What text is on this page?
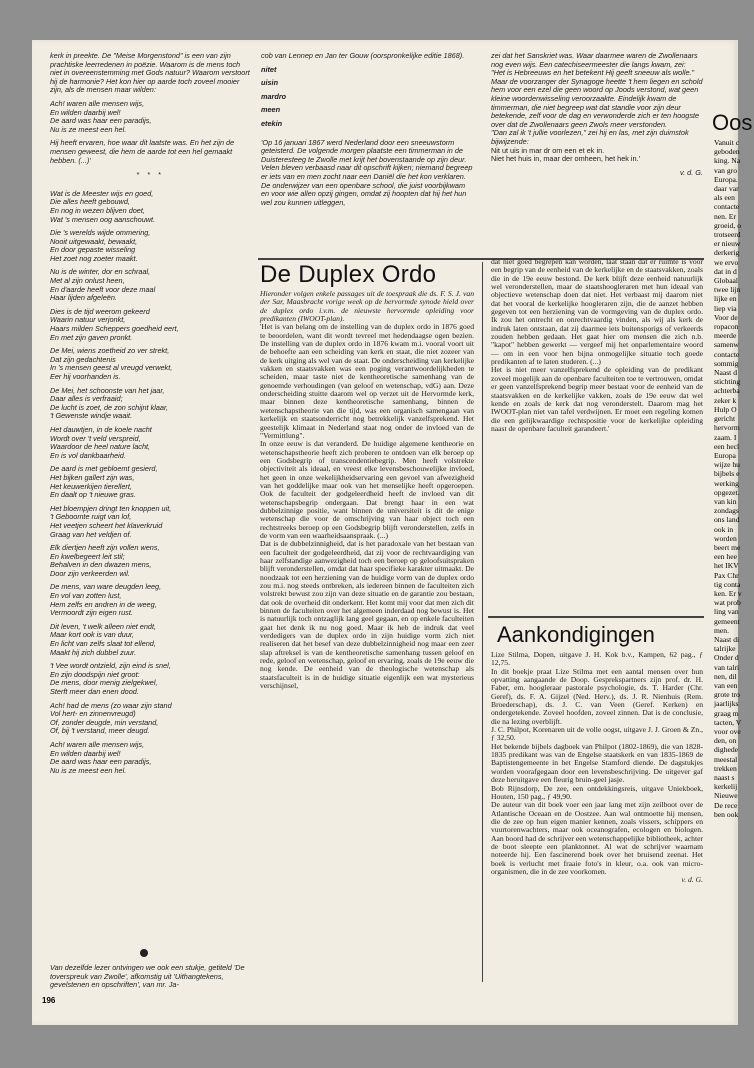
kerk in preekte. De "Meise Morgenstond" is een van zijn prachtiske leerredenen in poëzie. Waarom is de mens toch niet in overeenstemming met Gods natuur? Waarom verstoort hij de harmonie? Het kon hier op aarde toch zoveel mooier zijn, als de mensen maar wilden:

Ach! waren alle mensen wijs,
En wilden daarbij wel!
De aard was haar een paradijs,
Nu is ze meest een hel.

Hij heeft ervaren, hoe waar dit laatste was. En het zijn de mensen geweest, die hem de aarde tot een hel gemaakt hebben. (...)'

* * *

Wat is de Meester wijs en goed,
Die alles heeft gebouwd,
En nog in wezen blijven doet,
Wat 's mensen oog aanschouwt.

Die 's werelds wijde ommering,
Nooit uitgewaakt, bewaakt,
En door gepaste wisseling
Het zoet nog zoeter maakt.

Nu is de winter, dor en schraal,
Met al zijn onlust heen,
En d'aarde heeft voor deze maal
Haar lijden afgeleën.

Dies is de tijd weerom gekeerd
Waarin natuur verjonkt,
Haars milden Scheppers goedheid eert,
En met zijn gaven pronkt.

De Mei, wiens zoetheid zo ver strekt,
Dat zijn gedachtenis
In 's mensen geest al vreugd verwekt,
Eer hij voorhanden is.

De Mei, het schoonste van het jaar,
Daar alles is verfraaid;
De lucht is zoet, de zon schijnt klaar,
't Gewenste windje waait.

Het dauwtjen, in de koele nacht
Wordt over 't veld verspreid,
Waardoor de heel nature lacht,
En is vol dankbaarheid.

De aard is met gebloemt gesierd,
Het bijken gallert zijn was,
Het keuwerkijen tierellert,
En daalt op 't nieuwe gras.

Het bloempjen dringt ten knoppen uit,
't Geboomte ruigt van lof,
Het veetjen scheert het klaverkruid
Graag van het veldjen of.

Elk diertjen heeft zijn vollen wens,
En kwelbegeert leit stil;
Behalven in den dwazen mens,
Door zijn verkeerden wil.

De mens, van ware deugden leeg,
En vol van zotten lust,
Hem zelfs en andren in de weeg,
Vermoordt zijn eigen rust.

Dit leven, 't welk alleen niet endt,
Maar kort ook is van duur,
En licht van zelfs slaat tot ellend,
Maakt hij zich dubbel zuur.

't Vee wordt ontzield, zijn eind is snel,
En zijn doodspijn niet groot:
De mens, door menig zielgekwel,
Sterft meer dan enen dood.

Ach! had de mens (zo waar zijn stand
Vol hert- en zinnenvreugd)
Of, zonder deugde, min verstand,
Of, bij 't verstand, meer deugd.

Ach! waren alle mensen wijs,
En wilden daarbij wel!
De aard was haar een paradijs,
Nu is ze meest een hel.

Van dezelfde lezer ontvingen we ook een stukje, getiteld 'De toverspreuk van Zwolle', afkomstig uit 'Uithangtekens, gevelstenen en opschriften', van mr. Ja-

cob van Lennep en Jan ter Gouw (oorspronkelijke editie 1868).

nitet

uisin

mardro

meen

etekin

'Op 16 januari 1867 werd Nederland door een sneeuwstorm geteisterd. De volgende morgen plaatste een timmerman in de Duisteresteeg te Zwolle met krijt het bovenstaande op zijn deur.

Velen bleven verbaasd naar dit opschrift kijken; niemand begreep er iets van en men zocht naar een Daniël die het kon verklaren.

De onderwijzer van een openbare school, die juist voorbijkwam en voor wie allen opzij gingen, omdat zij hoopten dat hij het hun wel zou kunnen uitleggen,

zei dat het Sanskriet was. Waar daarmee waren de Zwollenaars nog even wijs. Een catechiseermeester die langs kwam, zei:

"Het is Hebreeuws en het betekent Hij geeft sneeuw als wolle."

Maar de voorzanger der Synagoge heette 't hem liegen en schold hem voor een ezel die geen woord op Joods verstond, wat geen kleine woordenwisseling veroorzaakte. Eindelijk kwam de timmerman, die niet begreep wat dat standie voor zijn deur betekende, zelf voor de dag en verwonderde zich er ten hoogste over dat de Zwollenaars geen Zwols meer verstonden.

"Dan zal ik 't jullie voorlezen," zei hij en las, met zijn duimstok bijwijzende:

Nit ut uis in mar dr om een et ek in.

Niet het huis in, maar der omheen, het hek in.'

v. d. G.

De Duplex Ordo

Hieronder volgen enkele passages uit de toespraak die ds. F. S. J. van der Sar, Maasbracht vorige week op de hervormde synode hield over de duplex ordo i.v.m. de nieuwste hervormde opleiding voor predikanten (IWOOT-plan).

'Het is van belang om de instelling van de duplex ordo in 1876 goed te beoordelen, want dit wordt tevreel met hedendaagse ogen bezien. De instelling van de duplex ordo in 1876 kwam m.i. vooral voort uit de behoefte aan een scheiding van kerk en staat, die niet zozeer van de kerk uitging als wel van de staat. De onderscheiding van kerkelijke vakken en staatsvakken was een poging verantwoordelijkheden te scheiden, maar taste niet de kentheoretische samenhang van de genoemde verhoudingen (van geloof en wetenschap, vdG) aan. Deze onderscheiding stuitte daarom wel op verzet uit de Hervormde kerk, maar binnen deze kentheoretische samenhang, binnen de wetenschapstheorie van die tijd, was een organisch samengaan van kerkelijk en staatsonderricht nog betrekkelijk vanzelfsprekend. Het geestelijk klimaat in Nederland staat nog onder de invloed van de "Vermittlung".

In onze eeuw is dat veranderd. De huidige algemene kentheorie en wetenschapstheorie heeft zich proberen te ontdoen van elk beroep op een Godsbegrip of transcendentiebegrip. Men heeft volstrekte objectiviteit als ideaal, en vreest elke levensbeschouwelijke invloed, het geen in onze wekelijkheidservaring een gevoel van afwezigheid van het goddelijke maar ook van het menselijke heeft opgeroepen. Ook de faculteit der godgeleerdheid heeft de invloed van dit wetenschapsbegrip ondergaan. Dat brengt haar in een wat dubbelzinnige positie, want binnen de universiteit is dit de enige wetenschap die voor de omschrijving van haar object toch een rechtstreeks beroep op een Godsbegrip blijft veronderstellen, zelfs in de vorm van een waarheidsaanspraak. (...)

Dat is de dubbelzinnigheid, dat is het paradoxale van het bestaan van een faculteit der godgeleerdheid, dat zij voor de rechtvaardiging van haar zelfstandige aanwezigheid toch een beroep op geloofsuitspraken blijft veronderstellen, omdat dat haar specifieke karakter uitmaakt. De noodzaak tot een herziening van de huidige vorm van de duplex ordo zou m.i. nog steeds ontbreken, als iedereen binnen de faculteiten zich volstrekt bewust zou zijn van deze situatie en de garantie zou bestaan, dat ook de overheid dit onderkent. Het komt mij voor dat men zich dit binnen de faculteiten over het algemeen inderdaad nog bewust is. Het is natuurlijk toch ontzaglijk lang geel gegaan, en op enkele faculteiten gaat het denk ik nu nog goed. Maar ik heb de indruk dat veel verdedigers van de duplex ordo in zijn huidige vorm zich niet realiseren dat het besef van deze dubbelzinnigheid nog maar een zeer slap aftreksel is van de kentheoretische samenhang tussen geloof en rede, geloof en wetenschap, geloof en ervaring, zoals de 19e eeuw die nog kende. De eenheid van de theologische wetenschap als staatsfaculteit is in de huidige situatie eigenlijk een wat mysterieus verschijnsel,

dat niet goed begrepen kan worden, laat staan dat er ruimte is voor een begrip van de eenheid van de kerkelijke en de staatsvakken, zoals die in de 19e eeuw bestond. De kerk blijft deze eenheid natuurlijk wel veronderstellen, maar de staatshoogleraren met hun ideaal van objectieve wetenschap doen dat niet. Het verbaast mij daarom niet dat het vooral de kerkelijke hoogleraren zijn, die de aanzet hebben gegeven tot een herziening van de vormgeving van de duplex ordo. Ik zou het ontrecht en onrechtvaardig vinden, als wij als kerk de indruk laten ontstaan, dat zij daarmee iets buitensporigs of verkeerds zouden hebben gedaan. Het gaat hier om mensen die zich n.b. "kapot" hebben gewerkt — vergeef mij het onparlementaire woord — om in een voor hen bijna onmogelijke situatie toch goede predikanten af te laten studeren. (...)

Het is niet meer vanzelfsprekend de opleiding van de predikant zoveel mogelijk aan de openbare faculteiten toe te vertrouwen, omdat er geen vanzelfsprekend begrip meer bestaat voor de eenheid van de staatsvakken en de kerkelijke vakken, zoals de 19e eeuw dat wel kende en zoals de kerk dat nog veronderstelt. Daarom mag het IWOOT-plan niet van tafel verdwijnen. Er moet een regeling komen die een gelijkwaardige rechtspositie voor de kerkelijke opleiding naast de openbare faculteit garandeert.'

Aankondigingen

Lize Stilma, Dopen, uitgave J. H. Kok b.v., Kampen, 62 pag., ƒ 12,75.

In dit boekje praat Lize Stilma met een aantal mensen over hun opvatting aangaande de Doop. Gesprekspartners zijn prof. dr. H. Faber, em. hoogleraar pastorale psychologie, ds. T. Harder (Chr. Geref), ds. F. A. Gijzel (Ned. Herv.), ds. J. R. Nienhuis (Rem. Broederschap), ds. J. C. van Veen (Geref. Kerken) en ondergetekende. Zoveel hoofden, zoveel zinnen. Dat is de conclusie, die na lezing overblijft.

J. C. Philpot, Korenaren uit de volle oogst, uitgave J. J. Groen & Zn., ƒ 32,50.

Het bekende bijbels dagboek van Philpot (1802-1869), die van 1828-1835 predikant was van de Engelse staatskerk en van 1835-1869 de Baptistengemeente in het Engelse Stamford diende. De dagstukjes worden voorafgegaan door een levensbeschrijving. De uitgever gaf deze heruitgave een fleurig bruin-geel jasje.

Bob Rijnsdorp, De zee, een ontdekkingsreis, uitgave Uniekboek, Houten, 150 pag., ƒ 49,90.

De auteur van dit boek voer een jaar lang met zijn zeilboot over de Atlantische Oceaan en de Oostzee. Aan wal ontmoette hij mensen, die de zee op hun eigen manier kennen, zoals vissers, schippers en vuurtorenwachters, maar ook oceanografen, ecologen en biologen. Aan boord had de schrijver een wetenschappelijke bibliotheek, achter de boot sleepte een planktonnet. Al wat de schrijver waarnam noteerde hij. Een fascinerend boek over het bruisend zeenat. Het boek is verlucht met fraaie foto's in kleur, o.a. ook van micro-organismen, die in de zee voorkomen.

v. d. G.

Oos
Vanuit c
geboden
king. Na
van gro
Europa.
daar var
als een
contacte
nen. Er
groeid, o
trotseerd
er nieuw
derkerig
we ervo
dat in d
Globaal
twee lijn
lijke en
liep via
Voor de
ropacon
meerde
samenw
contacte
sommig
Naast d
stichting
achterba
zeker k
Hulp O
gericht
hervorm
zaam. I
een hecl
Europa
wijze hu
bijbels e
werking
opgezet.
van kin
zondags
ons land
ook in
worden
beert me
een hee
het IKV
Pax Chr
tig conta
ken. Er v
wat prob
ling van
gemeent
men.
Naast di
talrijke
Onder d
van talri
nen, dil
van een
grote tro
jaarlijks
graag m
tacten, V
voor ove
den, on
dighede
meestal
trekken
naast s
kerkelij
Nieuwe
De rece
ben ook
196
